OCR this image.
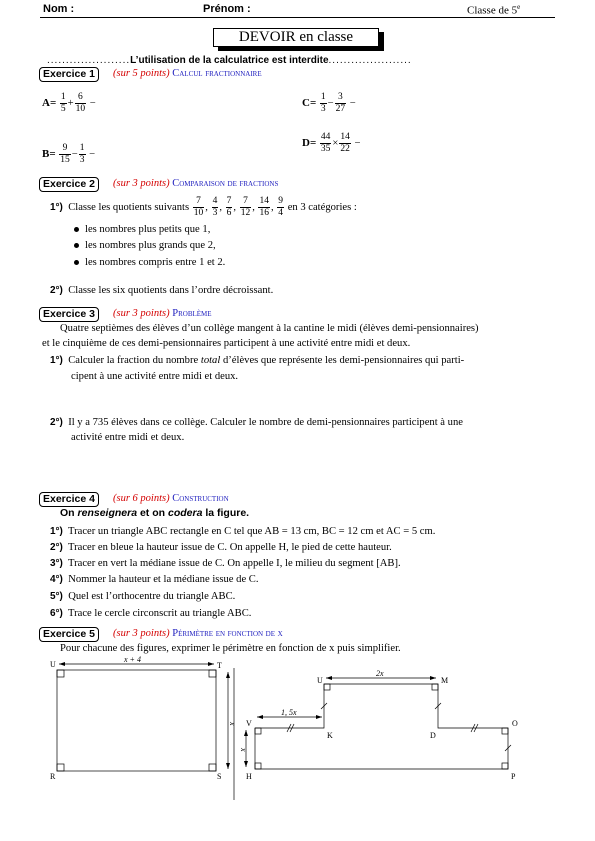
Nom :	Prénom :	Classe de 5e
DEVOIR en classe
......................L’utilisation de la calculatrice est interdite......................
Exercice 1	(sur 5 points) Calcul fractionnaire
$A= \frac{1}{5} + \frac{6}{10}$ −
$B= \frac{9}{15} - \frac{1}{3}$ −
$C= \frac{1}{3} - \frac{3}{27}$ −
$D= \frac{44}{35} \times \frac{14}{22}$ −
Exercice 2	(sur 3 points) Comparaison de fractions
1°) Classe les quotients suivants $\frac{7}{10}$ , $\frac{4}{3}$ , $\frac{7}{6}$ , $\frac{7}{12}$ , $\frac{14}{16}$ , $\frac{9}{4}$ en 3 catégories :
les nombres plus petits que 1,
les nombres plus grands que 2,
les nombres compris entre 1 et 2.
2°) Classe les six quotients dans l’ordre décroissant.
Exercice 3	(sur 3 points) Problème
Quatre septièmes des élèves d’un collège mangent à la cantine le midi (élèves demi-pensionnaires)
et le cinquième de ces demi-pensionnaires participent à une activité entre midi et deux.
1°) Calculer la fraction du nombre total d’élèves que représente les demi-pensionnaires qui parti-
cipent à une activité entre midi et deux.
2°) Il y a 735 élèves dans ce collège. Calculer le nombre de demi-pensionnaires participent à une
activité entre midi et deux.
Exercice 4	(sur 6 points) Construction
On renseignera et on codera la figure.
1°) Tracer un triangle ABC rectangle en C tel que AB = 13 cm, BC = 12 cm et AC = 5 cm.
2°) Tracer en bleue la hauteur issue de C. On appelle H, le pied de cette hauteur.
3°) Tracer en vert la médiane issue de C. On appelle I, le milieu du segment [AB].
4°) Nommer la hauteur et la médiane issue de C.
5°) Quel est l’orthocentre du triangle ABC.
6°) Trace le cercle circonscrit au triangle ABC.
Exercice 5	(sur 3 points) Périmètre en fonction de x
Pour chacune des figures, exprimer le périmètre en fonction de x puis simplifier.
U	T
R	S
x + 4
x
U	M
V
K	D
O
H	P
2x
1, 5x
x
